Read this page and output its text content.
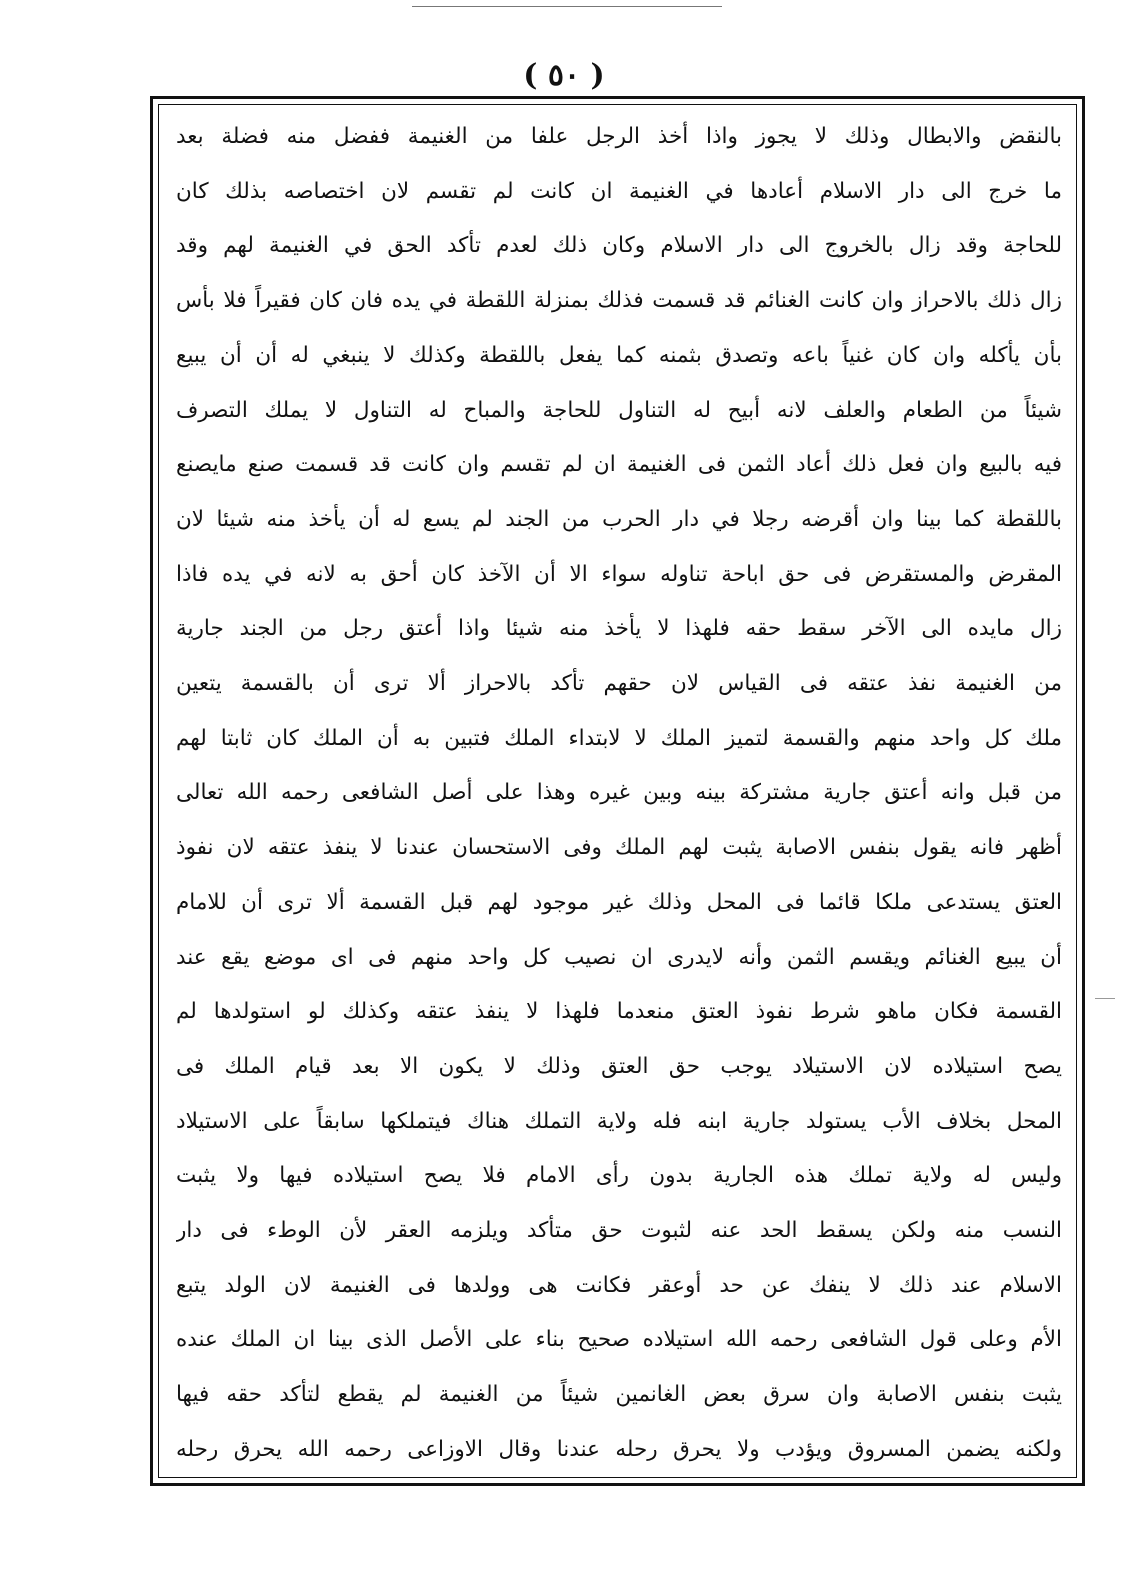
( ٥٠ )
بالنقض والابطال وذلك لا يجوز واذا أخذ الرجل علفا من الغنيمة ففضل منه فضلة بعد
ما خرج الى دار الاسلام أعادها في الغنيمة ان كانت لم تقسم لان اختصاصه بذلك كان
للحاجة وقد زال بالخروج الى دار الاسلام وكان ذلك لعدم تأكد الحق في الغنيمة لهم وقد
زال ذلك بالاحراز وان كانت الغنائم قد قسمت فذلك بمنزلة اللقطة في يده فان كان فقيراً فلا بأس
بأن يأكله وان كان غنياً باعه وتصدق بثمنه كما يفعل باللقطة وكذلك لا ينبغي له أن أن يبيع
شيئاً من الطعام والعلف لانه أبيح له التناول للحاجة والمباح له التناول لا يملك التصرف
فيه بالبيع وان فعل ذلك أعاد الثمن فى الغنيمة ان لم تقسم وان كانت قد قسمت صنع مايصنع
باللقطة كما بينا وان أقرضه رجلا في دار الحرب من الجند لم يسع له أن يأخذ منه شيئا لان
المقرض والمستقرض فى حق اباحة تناوله سواء الا أن الآخذ كان أحق به لانه في يده فاذا
زال مايده الى الآخر سقط حقه فلهذا لا يأخذ منه شيئا واذا أعتق رجل من الجند جارية
من الغنيمة نفذ عتقه فى القياس لان حقهم تأكد بالاحراز ألا ترى أن بالقسمة يتعين
ملك كل واحد منهم والقسمة لتميز الملك لا لابتداء الملك فتبين به أن الملك كان ثابتا لهم
من قبل وانه أعتق جارية مشتركة بينه وبين غيره وهذا على أصل الشافعى رحمه الله تعالى
أظهر فانه يقول بنفس الاصابة يثبت لهم الملك وفى الاستحسان عندنا لا ينفذ عتقه لان نفوذ
العتق يستدعى ملكا قائما فى المحل وذلك غير موجود لهم قبل القسمة ألا ترى أن للامام
أن يبيع الغنائم ويقسم الثمن وأنه لايدرى ان نصيب كل واحد منهم فى اى موضع يقع عند
القسمة فكان ماهو شرط نفوذ العتق منعدما فلهذا لا ينفذ عتقه وكذلك لو استولدها لم
يصح استيلاده لان الاستيلاد يوجب حق العتق وذلك لا يكون الا بعد قيام الملك فى
المحل بخلاف الأب يستولد جارية ابنه فله ولاية التملك هناك فيتملكها سابقاً على الاستيلاد
وليس له ولاية تملك هذه الجارية بدون رأى الامام فلا يصح استيلاده فيها ولا يثبت
النسب منه ولكن يسقط الحد عنه لثبوت حق متأكد ويلزمه العقر لأن الوطء فى دار
الاسلام عند ذلك لا ينفك عن حد أوعقر فكانت هى وولدها فى الغنيمة لان الولد يتبع
الأم وعلى قول الشافعى رحمه الله استيلاده صحيح بناء على الأصل الذى بينا ان الملك عنده
يثبت بنفس الاصابة وان سرق بعض الغانمين شيئاً من الغنيمة لم يقطع لتأكد حقه فيها
ولكنه يضمن المسروق ويؤدب ولا يحرق رحله عندنا وقال الاوزاعى رحمه الله يحرق رحله
